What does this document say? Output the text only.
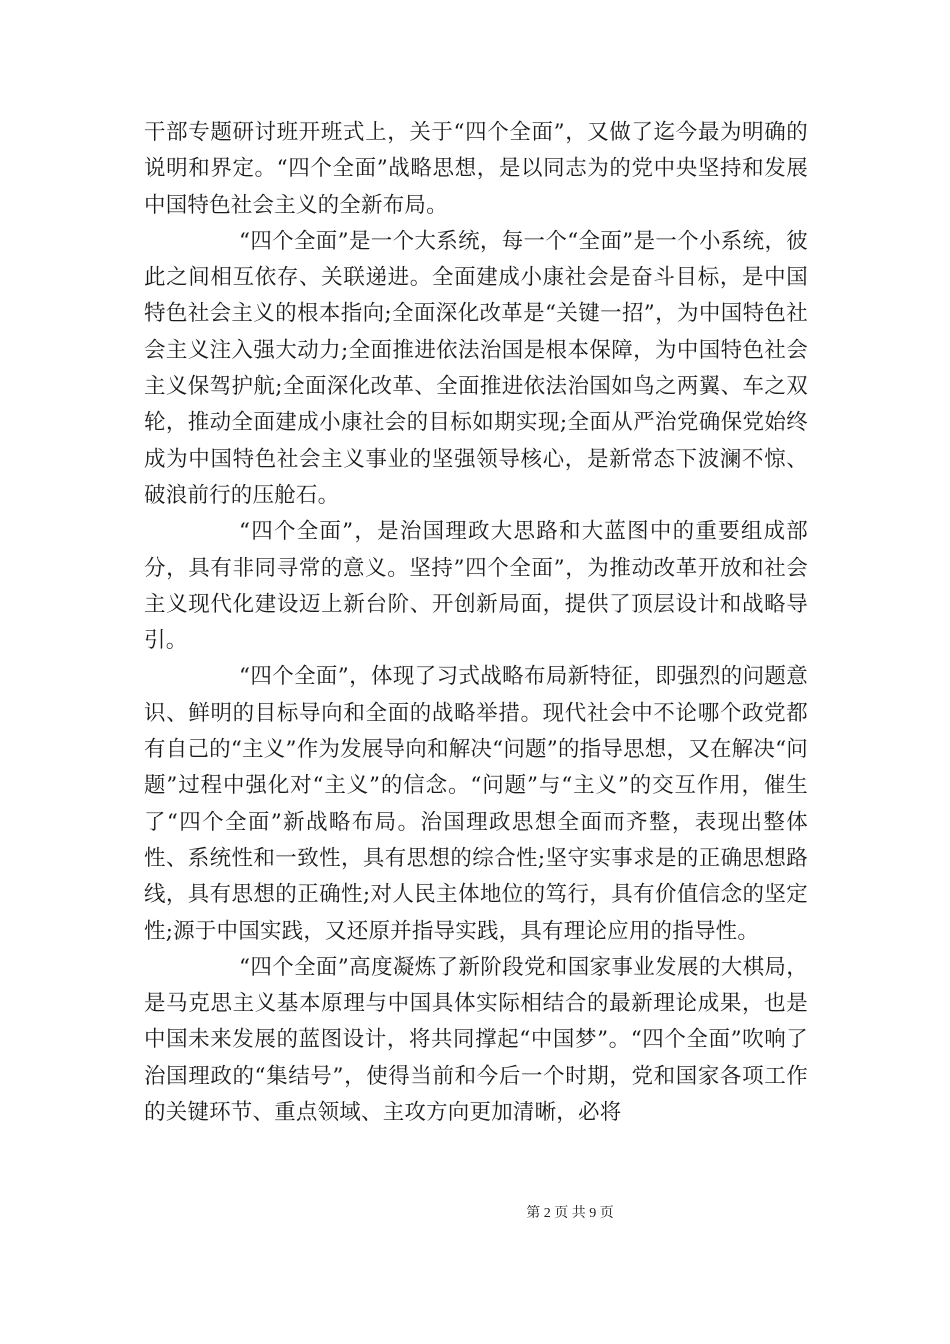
干部专题研讨班开班式上，关于“四个全面”，又做了迄今最为明确的说明和界定。“四个全面”战略思想，是以同志为的党中央坚持和发展中国特色社会主义的全新布局。

“四个全面”是一个大系统，每一个“全面”是一个小系统，彼此之间相互依存、关联递进。全面建成小康社会是奋斗目标，是中国特色社会主义的根本指向;全面深化改革是“关键一招”，为中国特色社会主义注入强大动力;全面推进依法治国是根本保障，为中国特色社会主义保驾护航;全面深化改革、全面推进依法治国如鸟之两翼、车之双轮，推动全面建成小康社会的目标如期实现;全面从严治党确保党始终成为中国特色社会主义事业的坚强领导核心，是新常态下波澜不惊、破浪前行的压舱石。

“四个全面”，是治国理政大思路和大蓝图中的重要组成部分，具有非同寻常的意义。坚持”四个全面”，为推动改革开放和社会主义现代化建设迈上新台阶、开创新局面，提供了顶层设计和战略导引。

“四个全面”，体现了习式战略布局新特征，即强烈的问题意识、鲜明的目标导向和全面的战略举措。现代社会中不论哪个政党都有自己的“主义”作为发展导向和解决“问题”的指导思想，又在解决“问题”过程中强化对“主义”的信念。“问题”与“主义”的交互作用，催生了“四个全面”新战略布局。治国理政思想全面而齐整，表现出整体性、系统性和一致性，具有思想的综合性;坚守实事求是的正确思想路线，具有思想的正确性;对人民主体地位的笃行，具有价值信念的坚定性;源于中国实践，又还原并指导实践，具有理论应用的指导性。

“四个全面”高度凝炼了新阶段党和国家事业发展的大棋局，是马克思主义基本原理与中国具体实际相结合的最新理论成果，也是中国未来发展的蓝图设计，将共同撑起“中国梦”。“四个全面”吹响了治国理政的“集结号”，使得当前和今后一个时期，党和国家各项工作的关键环节、重点领域、主攻方向更加清晰，必将

第 2 页 共 9 页
